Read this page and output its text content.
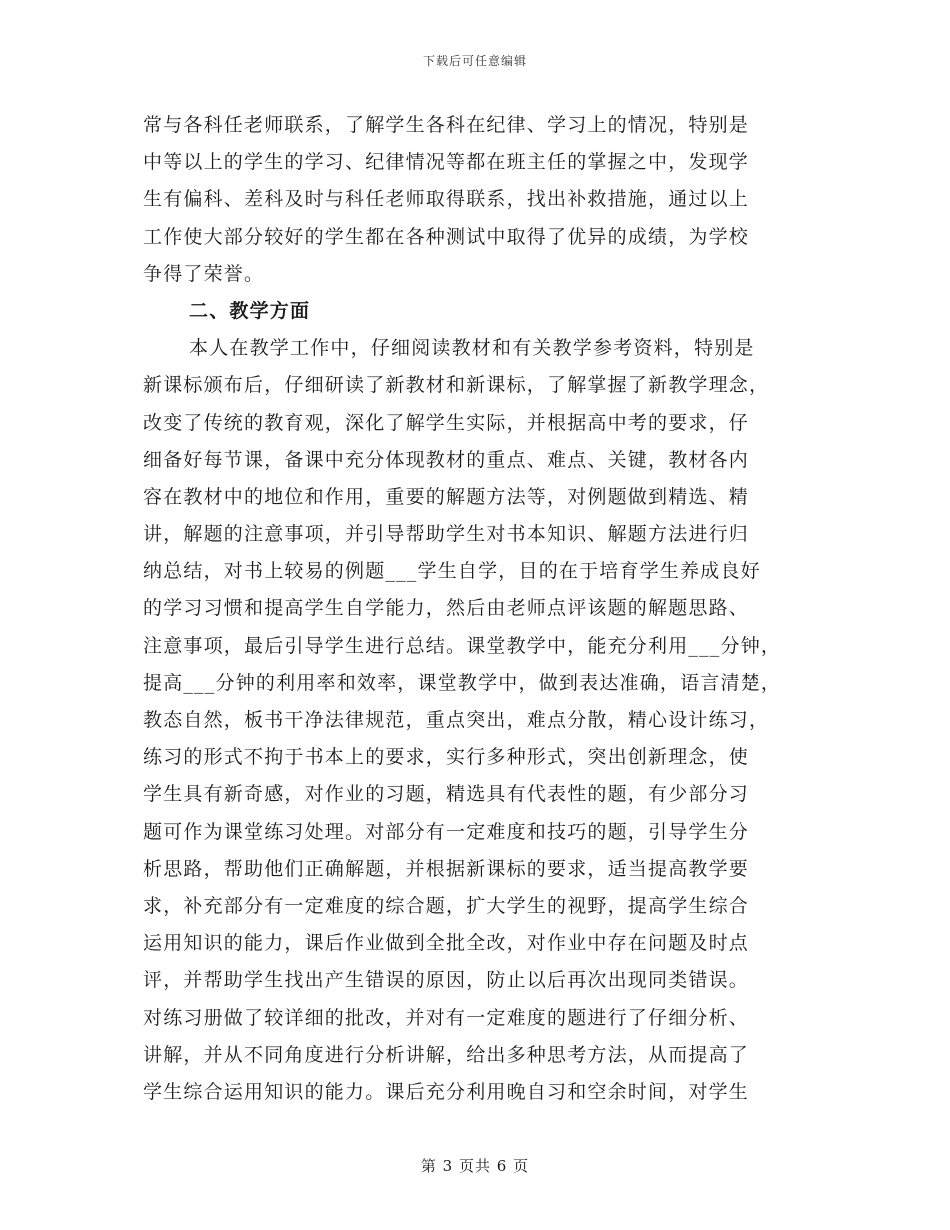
下载后可任意编辑
常与各科任老师联系，了解学生各科在纪律、学习上的情况，特别是
中等以上的学生的学习、纪律情况等都在班主任的掌握之中，发现学
生有偏科、差科及时与科任老师取得联系，找出补救措施，通过以上
工作使大部分较好的学生都在各种测试中取得了优异的成绩，为学校
争得了荣誉。
二、教学方面
本人在教学工作中，仔细阅读教材和有关教学参考资料，特别是
新课标颁布后，仔细研读了新教材和新课标，了解掌握了新教学理念，
改变了传统的教育观，深化了解学生实际，并根据高中考的要求，仔
细备好每节课，备课中充分体现教材的重点、难点、关键，教材各内
容在教材中的地位和作用，重要的解题方法等，对例题做到精选、精
讲，解题的注意事项，并引导帮助学生对书本知识、解题方法进行归
纳总结，对书上较易的例题___学生自学，目的在于培育学生养成良好
的学习习惯和提高学生自学能力，然后由老师点评该题的解题思路、
注意事项，最后引导学生进行总结。课堂教学中，能充分利用___分钟，
提高___分钟的利用率和效率，课堂教学中，做到表达准确，语言清楚，
教态自然，板书干净法律规范，重点突出，难点分散，精心设计练习，
练习的形式不拘于书本上的要求，实行多种形式，突出创新理念，使
学生具有新奇感，对作业的习题，精选具有代表性的题，有少部分习
题可作为课堂练习处理。对部分有一定难度和技巧的题，引导学生分
析思路，帮助他们正确解题，并根据新课标的要求，适当提高教学要
求，补充部分有一定难度的综合题，扩大学生的视野，提高学生综合
运用知识的能力，课后作业做到全批全改，对作业中存在问题及时点
评，并帮助学生找出产生错误的原因，防止以后再次出现同类错误。
对练习册做了较详细的批改，并对有一定难度的题进行了仔细分析、
讲解，并从不同角度进行分析讲解，给出多种思考方法，从而提高了
学生综合运用知识的能力。课后充分利用晚自习和空余时间，对学生
第 3 页共 6 页
